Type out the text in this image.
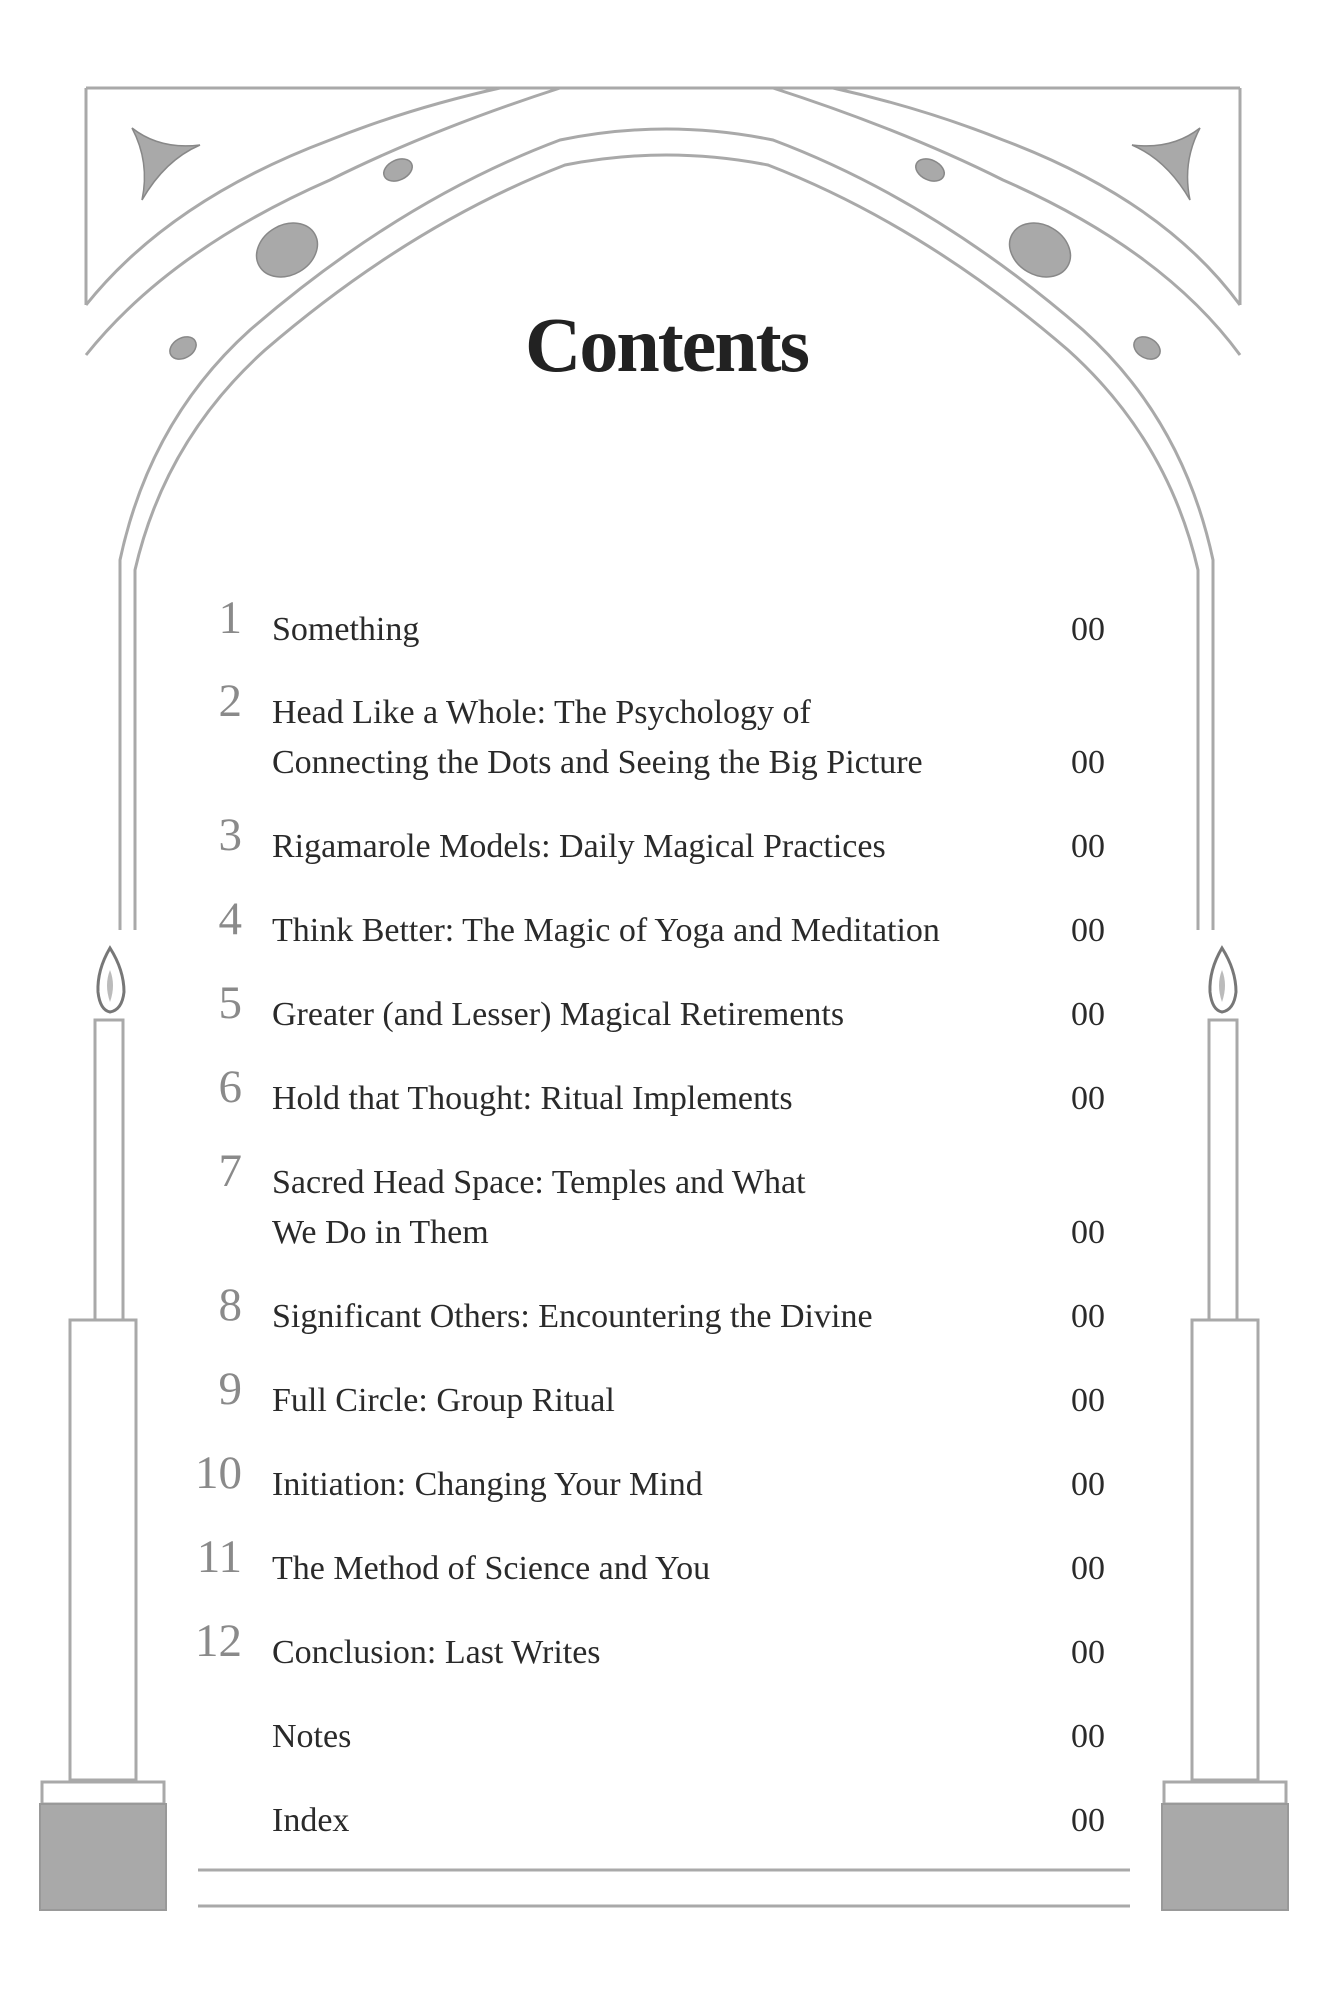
Contents
1 Something	00
2 Head Like a Whole: The Psychology of
Connecting the Dots and Seeing the Big Picture	00
3 Rigamarole Models: Daily Magical Practices	00
4 Think Better: The Magic of Yoga and Meditation	00
5 Greater (and Lesser) Magical Retirements	00
6 Hold that Thought: Ritual Implements	00
7 Sacred Head Space: Temples and What
We Do in Them	00
8 Significant Others: Encountering the Divine	00
9 Full Circle: Group Ritual	00
10 Initiation: Changing Your Mind	00
11 The Method of Science and You	00
12 Conclusion: Last Writes	00
Notes	00
Index	00
